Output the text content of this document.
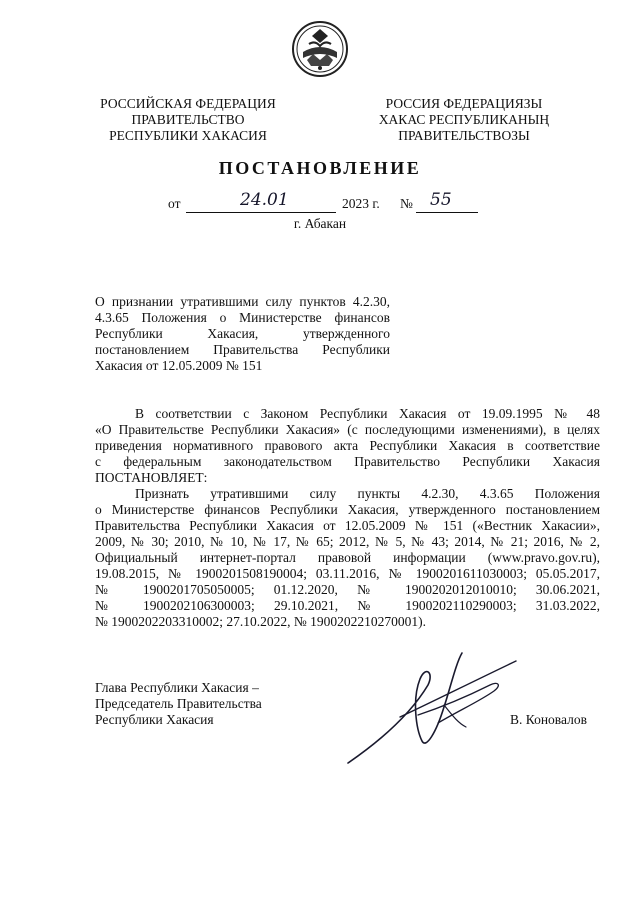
РОССИЙСКАЯ ФЕДЕРАЦИЯ
ПРАВИТЕЛЬСТВО
РЕСПУБЛИКИ ХАКАСИЯ
РОССИЯ ФЕДЕРАЦИЯЗЫ
ХАКАС РЕСПУБЛИКАНЫҢ
ПРАВИТЕЛЬСТВОЗЫ
ПОСТАНОВЛЕНИЕ
от	24.01	2023 г. № 55
г. Абакан
О признании утратившими силу пунктов 4.2.30,
4.3.65 Положения о Министерстве финансов
Республики Хакасия, утвержденного
постановлением Правительства Республики
Хакасия от 12.05.2009 № 151
В соответствии с Законом Республики Хакасия от 19.09.1995 № 48
«О Правительстве Республики Хакасия» (с последующими изменениями), в целях
приведения нормативного правового акта Республики Хакасия в соответствие
с федеральным законодательством Правительство Республики Хакасия
ПОСТАНОВЛЯЕТ:
Признать утратившими силу пункты 4.2.30, 4.3.65 Положения
о Министерстве финансов Республики Хакасия, утвержденного постановлением
Правительства Республики Хакасия от 12.05.2009 № 151 («Вестник Хакасии»,
2009, № 30; 2010, № 10, № 17, № 65; 2012, № 5, № 43; 2014, № 21; 2016, № 2,
Официальный интернет-портал правовой информации (www.pravo.gov.ru),
19.08.2015, № 1900201508190004; 03.11.2016, № 1900201611030003; 05.05.2017,
№ 1900201705050005; 01.12.2020, № 1900202012010010; 30.06.2021,
№ 1900202106300003; 29.10.2021, № 1900202110290003; 31.03.2022,
№ 1900202203310002; 27.10.2022, № 1900202210270001).
Глава Республики Хакасия –
Председатель Правительства
Республики Хакасия	В. Коновалов
